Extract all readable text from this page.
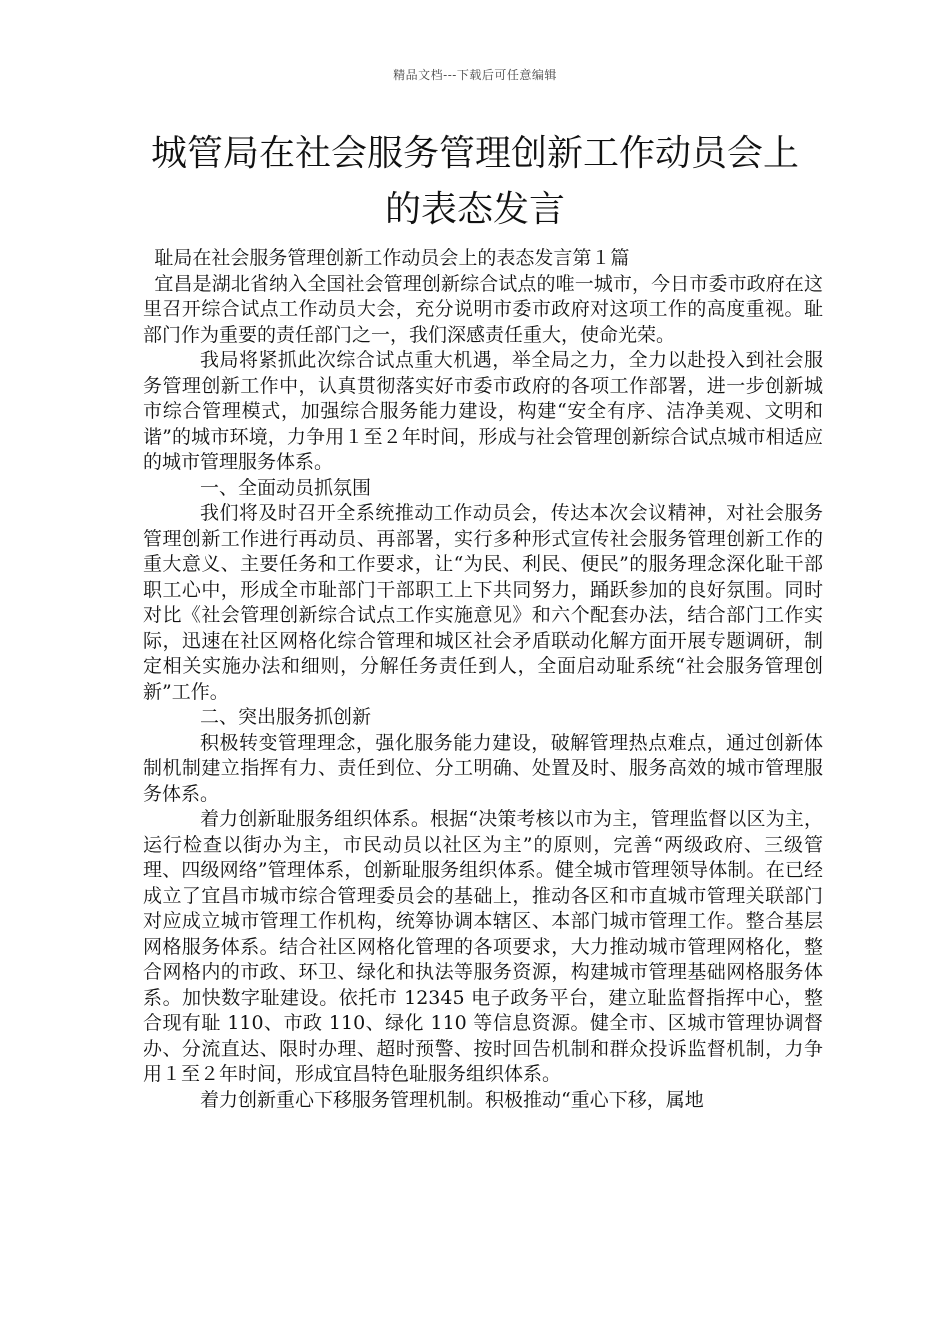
精品文档---下载后可任意编辑
城管局在社会服务管理创新工作动员会上
的表态发言

耻局在社会服务管理创新工作动员会上的表态发言第１篇

宜昌是湖北省纳入全国社会管理创新综合试点的唯一城市，今日市委市政府在这里召开综合试点工作动员大会，充分说明市委市政府对这项工作的高度重视。耻部门作为重要的责任部门之一，我们深感责任重大，使命光荣。

我局将紧抓此次综合试点重大机遇，举全局之力，全力以赴投入到社会服务管理创新工作中，认真贯彻落实好市委市政府的各项工作部署，进一步创新城市综合管理模式，加强综合服务能力建设，构建“安全有序、洁净美观、文明和谐”的城市环境，力争用１至２年时间，形成与社会管理创新综合试点城市相适应的城市管理服务体系。

一、全面动员抓氛围

我们将及时召开全系统推动工作动员会，传达本次会议精神，对社会服务管理创新工作进行再动员、再部署，实行多种形式宣传社会服务管理创新工作的重大意义、主要任务和工作要求，让“为民、利民、便民”的服务理念深化耻干部职工心中，形成全市耻部门干部职工上下共同努力，踊跃参加的良好氛围。同时对比《社会管理创新综合试点工作实施意见》和六个配套办法，结合部门工作实际，迅速在社区网格化综合管理和城区社会矛盾联动化解方面开展专题调研，制定相关实施办法和细则，分解任务责任到人，全面启动耻系统“社会服务管理创新”工作。

二、突出服务抓创新

积极转变管理理念，强化服务能力建设，破解管理热点难点，通过创新体制机制建立指挥有力、责任到位、分工明确、处置及时、服务高效的城市管理服务体系。

着力创新耻服务组织体系。根据“决策考核以市为主，管理监督以区为主，运行检查以街办为主，市民动员以社区为主”的原则，完善“两级政府、三级管理、四级网络”管理体系，创新耻服务组织体系。健全城市管理领导体制。在已经成立了宜昌市城市综合管理委员会的基础上，推动各区和市直城市管理关联部门对应成立城市管理工作机构，统筹协调本辖区、本部门城市管理工作。整合基层网格服务体系。结合社区网格化管理的各项要求，大力推动城市管理网格化，整合网格内的市政、环卫、绿化和执法等服务资源，构建城市管理基础网格服务体系。加快数字耻建设。依托市 12345 电子政务平台，建立耻监督指挥中心，整合现有耻 110、市政 110、绿化 110 等信息资源。健全市、区城市管理协调督办、分流直达、限时办理、超时预警、按时回告机制和群众投诉监督机制，力争用１至２年时间，形成宜昌特色耻服务组织体系。

着力创新重心下移服务管理机制。积极推动“重心下移，属地
